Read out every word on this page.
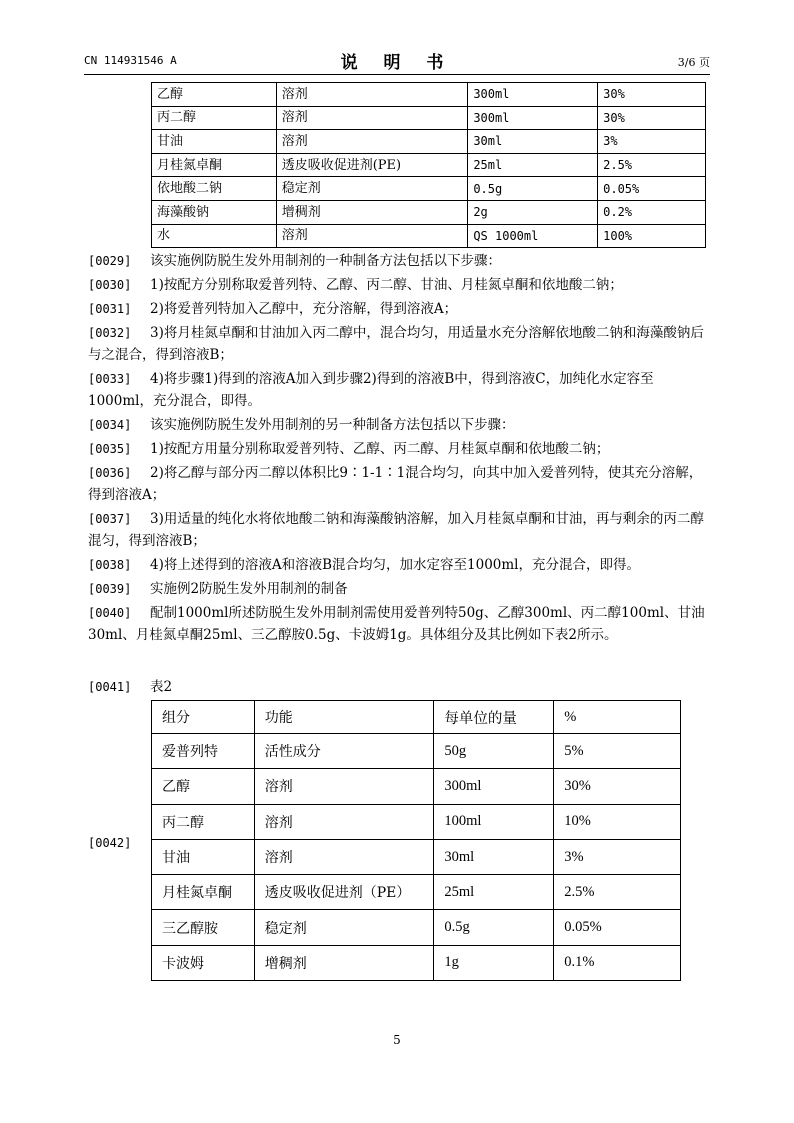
CN 114931546 A	说 明 书	3/6 页
乙醇	溶剂	300ml	30%
丙二醇	溶剂	300ml	30%
甘油	溶剂	30ml	3%
月桂氮卓酮	透皮吸收促进剂(PE)	25ml	2.5%
依地酸二钠	稳定剂	0.5g	0.05%
海藻酸钠	增稠剂	2g	0.2%
水	溶剂	QS 1000ml	100%
[0029]	该实施例防脱生发外用制剂的一种制备方法包括以下步骤：
[0030]	1)按配方分别称取爱普列特、乙醇、丙二醇、甘油、月桂氮卓酮和依地酸二钠；
[0031]	2)将爱普列特加入乙醇中，充分溶解，得到溶液A；
[0032]	3)将月桂氮卓酮和甘油加入丙二醇中，混合均匀，用适量水充分溶解依地酸二钠和海藻酸钠后与之混合，得到溶液B；
[0033]	4)将步骤1)得到的溶液A加入到步骤2)得到的溶液B中，得到溶液C，加纯化水定容至1000ml，充分混合，即得。
[0034]	该实施例防脱生发外用制剂的另一种制备方法包括以下步骤：
[0035]	1)按配方用量分别称取爱普列特、乙醇、丙二醇、月桂氮卓酮和依地酸二钠；
[0036]	2)将乙醇与部分丙二醇以体积比9∶1-1∶1混合均匀，向其中加入爱普列特，使其充分溶解，得到溶液A；
[0037]	3)用适量的纯化水将依地酸二钠和海藻酸钠溶解，加入月桂氮卓酮和甘油，再与剩余的丙二醇混匀，得到溶液B；
[0038]	4)将上述得到的溶液A和溶液B混合均匀，加水定容至1000ml，充分混合，即得。
[0039]	实施例2防脱生发外用制剂的制备
[0040]	配制1000ml所述防脱生发外用制剂需使用爱普列特50g、乙醇300ml、丙二醇100ml、甘油30ml、月桂氮卓酮25ml、三乙醇胺0.5g、卡波姆1g。具体组分及其比例如下表2所示。
[0041]	表2
[0042]
组分	功能	每单位的量	%
爱普列特	活性成分	50g	5%
乙醇	溶剂	300ml	30%
丙二醇	溶剂	100ml	10%
甘油	溶剂	30ml	3%
月桂氮卓酮	透皮吸收促进剂（PE）	25ml	2.5%
三乙醇胺	稳定剂	0.5g	0.05%
卡波姆	增稠剂	1g	0.1%
5
